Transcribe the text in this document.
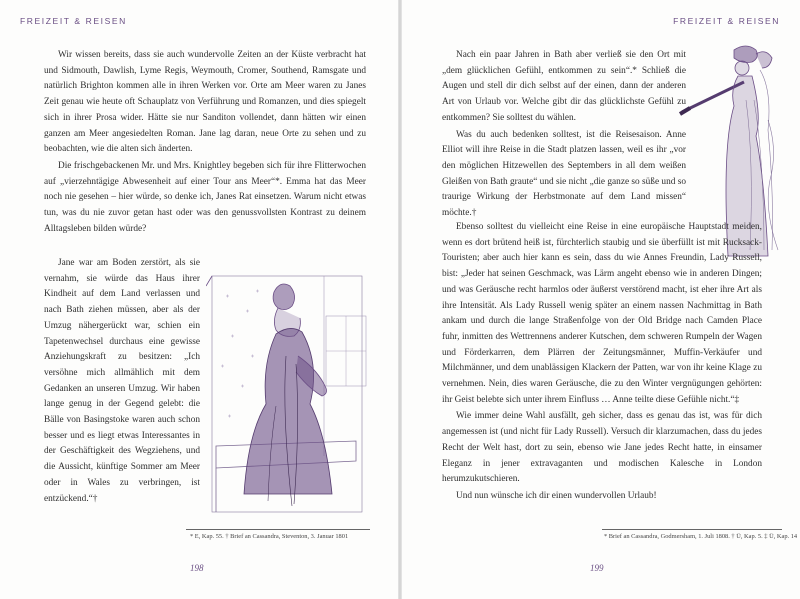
FREIZEIT & REISEN

Wir wissen bereits, dass sie auch wundervolle Zeiten an der Küste verbracht hat und Sidmouth, Dawlish, Lyme Regis, Weymouth, Cromer, Southend, Ramsgate und natürlich Brighton kommen alle in ihren Werken vor. Orte am Meer waren zu Janes Zeit genau wie heute oft Schauplatz von Verführung und Romanzen, und dies spiegelt sich in ihrer Prosa wider. Hätte sie nur Sanditon vollendet, dann hätten wir einen ganzen am Meer angesiedelten Roman. Jane lag daran, neue Orte zu sehen und zu beobachten, wie die alten sich änderten.

Die frischgebackenen Mr. und Mrs. Knightley begeben sich für ihre Flitterwochen auf „vierzehntägige Abwesenheit auf einer Tour ans Meer“*. Emma hat das Meer noch nie gesehen – hier würde, so denke ich, Janes Rat einsetzen. Warum nicht etwas tun, was du nie zuvor getan hast oder was den genussvollsten Kontrast zu deinem Alltagsleben bilden würde?

Jane war am Boden zerstört, als sie vernahm, sie würde das Haus ihrer Kindheit auf dem Land verlassen und nach Bath ziehen müssen, aber als der Umzug nähergerückt war, schien ein Tapetenwechsel durchaus eine gewisse Anziehungskraft zu besitzen: „Ich versöhne mich allmählich mit dem Gedanken an unseren Umzug. Wir haben lange genug in der Gegend gelebt: die Bälle von Basingstoke waren auch schon besser und es liegt etwas Interessantes in der Geschäftigkeit des Wegziehens, und die Aussicht, künftige Sommer am Meer oder in Wales zu verbringen, ist entzückend.“†

* E, Kap. 55. † Brief an Cassandra, Steventon, 3. Januar 1801
198
FREIZEIT & REISEN

Nach ein paar Jahren in Bath aber verließ sie den Ort mit „dem glücklichen Gefühl, entkommen zu sein“.* Schließ die Augen und stell dir dich selbst auf der einen, dann der anderen Art von Urlaub vor. Welche gibt dir das glücklichste Gefühl zu entkommen? Sie solltest du wählen.

Was du auch bedenken solltest, ist die Reisesaison. Anne Elliot will ihre Reise in die Stadt platzen lassen, weil es ihr „vor den möglichen Hitzewellen des Septembers in all dem weißen Gleißen von Bath graute“ und sie nicht „die ganze so süße und so traurige Wirkung der Herbstmonate auf dem Land missen“ möchte.†

Ebenso solltest du vielleicht eine Reise in eine europäische Hauptstadt meiden, wenn es dort brütend heiß ist, fürchterlich staubig und sie überfüllt ist mit Rucksack-Touristen; aber auch hier kann es sein, dass du wie Annes Freundin, Lady Russell, bist: „Jeder hat seinen Geschmack, was Lärm angeht ebenso wie in anderen Dingen; und was Geräusche recht harmlos oder äußerst verstörend macht, ist eher ihre Art als ihre Intensität. Als Lady Russell wenig später an einem nassen Nachmittag in Bath ankam und durch die lange Straßenfolge von der Old Bridge nach Camden Place fuhr, inmitten des Wettrennens anderer Kutschen, dem schweren Rumpeln der Wagen und Förderkarren, dem Plärren der Zeitungsmänner, Muffin-Verkäufer und Milchmänner, und dem unablässigen Klackern der Patten, war von ihr keine Klage zu vernehmen. Nein, dies waren Geräusche, die zu den Winter vergnügungen gehörten: ihr Geist belebte sich unter ihrem Einfluss … Anne teilte diese Gefühle nicht.“‡

Wie immer deine Wahl ausfällt, geh sicher, dass es genau das ist, was für dich angemessen ist (und nicht für Lady Russell). Versuch dir klarzumachen, dass du jedes Recht der Welt hast, dort zu sein, ebenso wie Jane jedes Recht hatte, in einsamer Eleganz in jener extravaganten und modischen Kalesche in London herumzukutschieren.

Und nun wünsche ich dir einen wundervollen Urlaub!

* Brief an Cassandra, Godmersham, 1. Juli 1808. † Ü, Kap. 5. ‡ Ü, Kap. 14
199
